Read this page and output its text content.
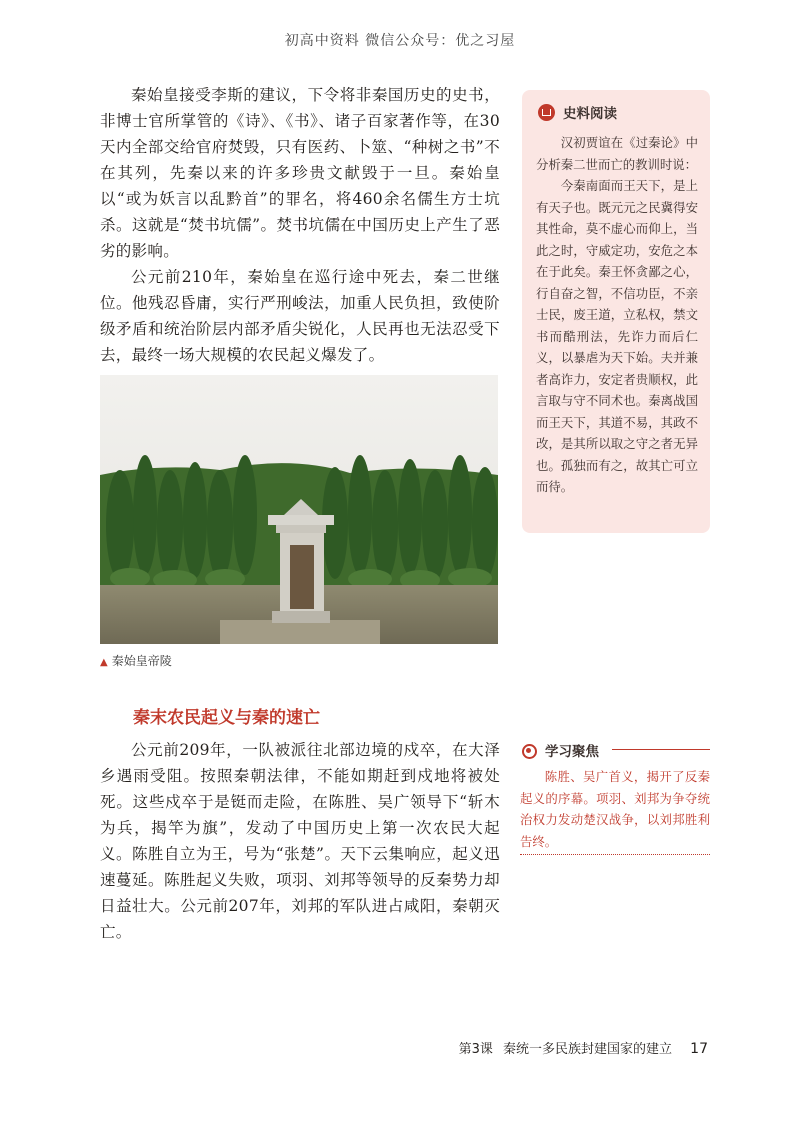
初高中资料 微信公众号：优之习屋

秦始皇接受李斯的建议，下令将非秦国历史的史书，非博士官所掌管的《诗》、《书》、诸子百家著作等，在30天内全部交给官府焚毁，只有医药、卜筮、“种树之书”不在其列，先秦以来的许多珍贵文献毁于一旦。秦始皇以“或为妖言以乱黔首”的罪名，将460余名儒生方士坑杀。这就是“焚书坑儒”。焚书坑儒在中国历史上产生了恶劣的影响。

公元前210年，秦始皇在巡行途中死去，秦二世继位。他残忍昏庸，实行严刑峻法，加重人民负担，致使阶级矛盾和统治阶层内部矛盾尖锐化，人民再也无法忍受下去，最终一场大规模的农民起义爆发了。

▲ 秦始皇帝陵
秦末农民起义与秦的速亡

公元前209年，一队被派往北部边境的戍卒，在大泽乡遇雨受阻。按照秦朝法律，不能如期赶到戍地将被处死。这些戍卒于是铤而走险，在陈胜、吴广领导下“斩木为兵，揭竿为旗”，发动了中国历史上第一次农民大起义。陈胜自立为王，号为“张楚”。天下云集响应，起义迅速蔓延。陈胜起义失败，项羽、刘邦等领导的反秦势力却日益壮大。公元前207年，刘邦的军队进占咸阳，秦朝灭亡。

史料阅读

汉初贾谊在《过秦论》中分析秦二世而亡的教训时说：

今秦南面而王天下，是上有天子也。既元元之民冀得安其性命，莫不虚心而仰上，当此之时，守威定功，安危之本在于此矣。秦王怀贪鄙之心，行自奋之智，不信功臣，不亲士民，废王道，立私权，禁文书而酷刑法，先诈力而后仁义，以暴虐为天下始。夫并兼者高诈力，安定者贵顺权，此言取与守不同术也。秦离战国而王天下，其道不易，其政不改，是其所以取之守之者无异也。孤独而有之，故其亡可立而待。

学习聚焦

陈胜、吴广首义，揭开了反秦起义的序幕。项羽、刘邦为争夺统治权力发动楚汉战争，以刘邦胜利告终。

第3课 秦统一多民族封建国家的建立 17
